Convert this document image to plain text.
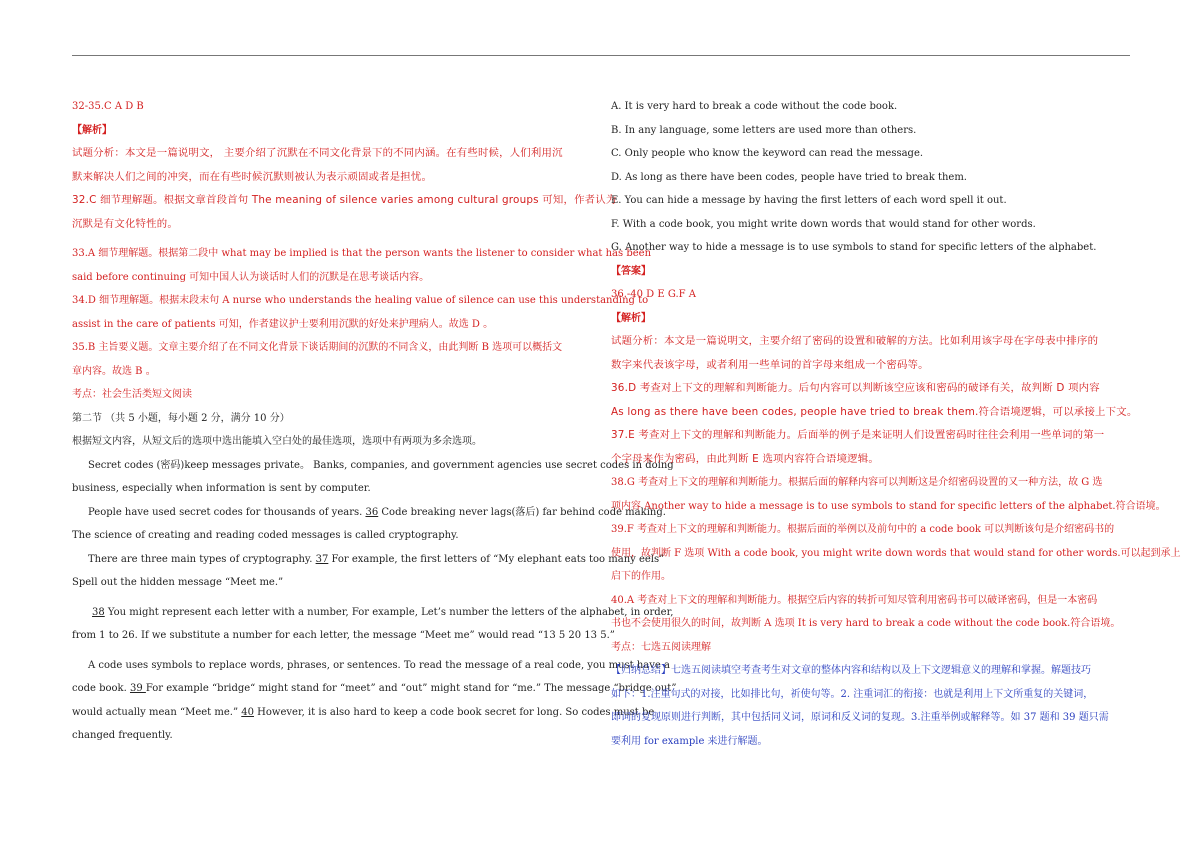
32-35.C A D B
【解析】
试题分析：本文是一篇说明文， 主要介绍了沉默在不同文化背景下的不同内涵。在有些时候，人们利用沉
默来解决人们之间的冲突，而在有些时候沉默则被认为表示顽固或者是担忧。
32.C 细节理解题。根据文章首段首句 The meaning of silence varies among cultural groups 可知，作者认为
沉默是有文化特性的。
33.A 细节理解题。根据第二段中 what may be implied is that the person wants the listener to consider what has been
said before continuing 可知中国人认为谈话时人们的沉默是在思考谈话内容。
34.D 细节理解题。根据末段末句 A nurse who understands the healing value of silence can use this understanding to
assist in the care of patients 可知，作者建议护士要利用沉默的好处来护理病人。故选 D 。
35.B 主旨要义题。文章主要介绍了在不同文化背景下谈话期间的沉默的不同含义，由此判断 B 选项可以概括文
章内容。故选 B 。
考点：社会生活类短文阅读
第二节 （共 5 小题，每小题 2 分，满分 10 分）
根据短文内容，从短文后的选项中选出能填入空白处的最佳选项，选项中有两项为多余选项。
Secret codes (密码)keep messages private。 Banks, companies, and government agencies use secret codes in doing
business, especially when information is sent by computer.
People have used secret codes for thousands of years. 36 Code breaking never lags(落后) far behind code making.
The science of creating and reading coded messages is called cryptography.
There are three main types of cryptography. 37 For example, the first letters of “My elephant eats too many eels”
Spell out the hidden message “Meet me.”
38 You might represent each letter with a number, For example, Let’s number the letters of the alphabet, in order,
from 1 to 26. If we substitute a number for each letter, the message “Meet me” would read “13 5 20 13 5.”
A code uses symbols to replace words, phrases, or sentences. To read the message of a real code, you must have a
code book. 39 For example “bridge“ might stand for “meet” and “out” might stand for “me.” The message “bridge out”
would actually mean “Meet me.” 40 However, it is also hard to keep a code book secret for long. So codes must be
changed frequently.
A. It is very hard to break a code without the code book.
B. In any language, some letters are used more than others.
C. Only people who know the keyword can read the message.
D. As long as there have been codes, people have tried to break them.
E. You can hide a message by having the first letters of each word spell it out.
F. With a code book, you might write down words that would stand for other words.
G. Another way to hide a message is to use symbols to stand for specific letters of the alphabet.
【答案】
36.-40 D E G.F A
【解析】
试题分析：本文是一篇说明文，主要介绍了密码的设置和破解的方法。比如利用该字母在字母表中排序的
数字来代表该字母，或者利用一些单词的首字母来组成一个密码等。
36.D 考查对上下文的理解和判断能力。后句内容可以判断该空应该和密码的破译有关，故判断 D 项内容
As long as there have been codes, people have tried to break them.符合语境逻辑，可以承接上下文。
37.E 考查对上下文的理解和判断能力。后面举的例子是来证明人们设置密码时往往会利用一些单词的第一
个字母来作为密码，由此判断 E 选项内容符合语境逻辑。
38.G 考查对上下文的理解和判断能力。根据后面的解释内容可以判断这是介绍密码设置的又一种方法，故 G 选
项内容 Another way to hide a message is to use symbols to stand for specific letters of the alphabet.符合语境。
39.F 考查对上下文的理解和判断能力。根据后面的举例以及前句中的 a code book 可以判断该句是介绍密码书的
使用，故判断 F 选项 With a code book, you might write down words that would stand for other words.可以起到承上
启下的作用。
40.A 考查对上下文的理解和判断能力。根据空后内容的转折可知尽管利用密码书可以破译密码，但是一本密码
书也不会使用很久的时间，故判断 A 选项 It is very hard to break a code without the code book.符合语境。
考点：七选五阅读理解
【归纳总结】七选五阅读填空考查考生对文章的整体内容和结构以及上下文逻辑意义的理解和掌握。解题技巧
如下：1.注重句式的对接，比如排比句，祈使句等。2. 注重词汇的衔接：也就是利用上下文所重复的关键词，
即词的复现原则进行判断，其中包括同义词，原词和反义词的复现。3.注重举例或解释等。如 37 题和 39 题只需
要利用 for example 来进行解题。
